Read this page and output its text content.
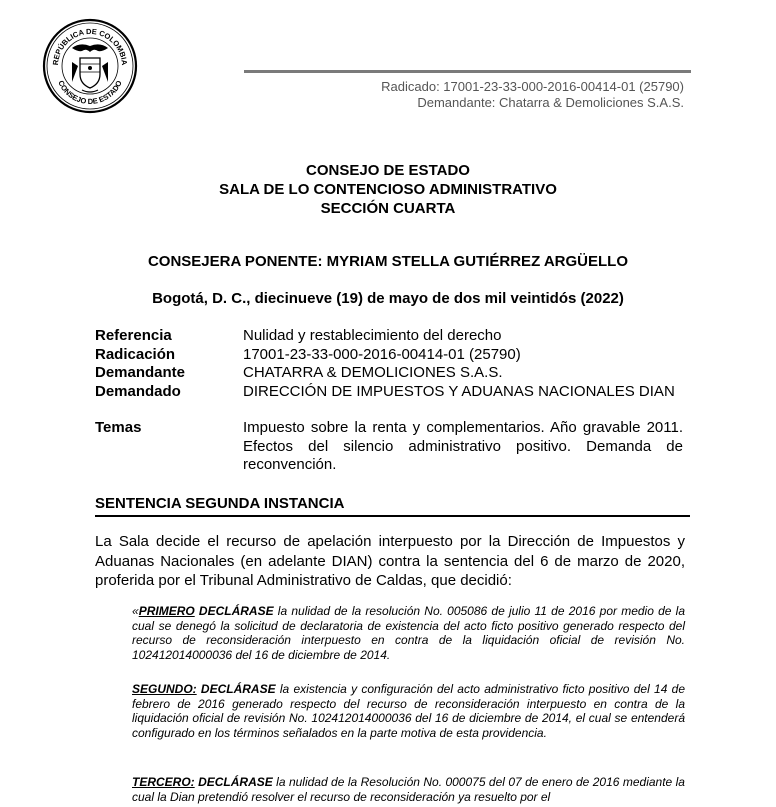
REPÚBLICA DE COLOMBIA
CONSEJO DE ESTADO	Radicado: 17001-23-33-000-2016-00414-01 (25790)
Demandante: Chatarra & Demoliciones S.A.S.
CONSEJO DE ESTADO
SALA DE LO CONTENCIOSO ADMINISTRATIVO
SECCIÓN CUARTA
CONSEJERA PONENTE: MYRIAM STELLA GUTIÉRREZ ARGÜELLO
Bogotá, D. C., diecinueve (19) de mayo de dos mil veintidós (2022)
Referencia	Nulidad y restablecimiento del derecho
Radicación	17001-23-33-000-2016-00414-01 (25790)
Demandante	CHATARRA & DEMOLICIONES S.A.S.
Demandado	DIRECCIÓN DE IMPUESTOS Y ADUANAS NACIONALES DIAN
Temas	Impuesto sobre la renta y complementarios. Año gravable 2011. Efectos del silencio administrativo positivo. Demanda de reconvención.
SENTENCIA SEGUNDA INSTANCIA
La Sala decide el recurso de apelación interpuesto por la Dirección de Impuestos y Aduanas Nacionales (en adelante DIAN) contra la sentencia del 6 de marzo de 2020, proferida por el Tribunal Administrativo de Caldas, que decidió:
«PRIMERO DECLÁRASE la nulidad de la resolución No. 005086 de julio 11 de 2016 por medio de la cual se denegó la solicitud de declaratoria de existencia del acto ficto positivo generado respecto del recurso de reconsideración interpuesto en contra de la liquidación oficial de revisión No. 102412014000036 del 16 de diciembre de 2014.
SEGUNDO: DECLÁRASE la existencia y configuración del acto administrativo ficto positivo del 14 de febrero de 2016 generado respecto del recurso de reconsideración interpuesto en contra de la liquidación oficial de revisión No. 102412014000036 del 16 de diciembre de 2014, el cual se entenderá configurado en los términos señalados en la parte motiva de esta providencia.
TERCERO: DECLÁRASE la nulidad de la Resolución No. 000075 del 07 de enero de 2016 mediante la cual la Dian pretendió resolver el recurso de reconsideración ya resuelto por el
